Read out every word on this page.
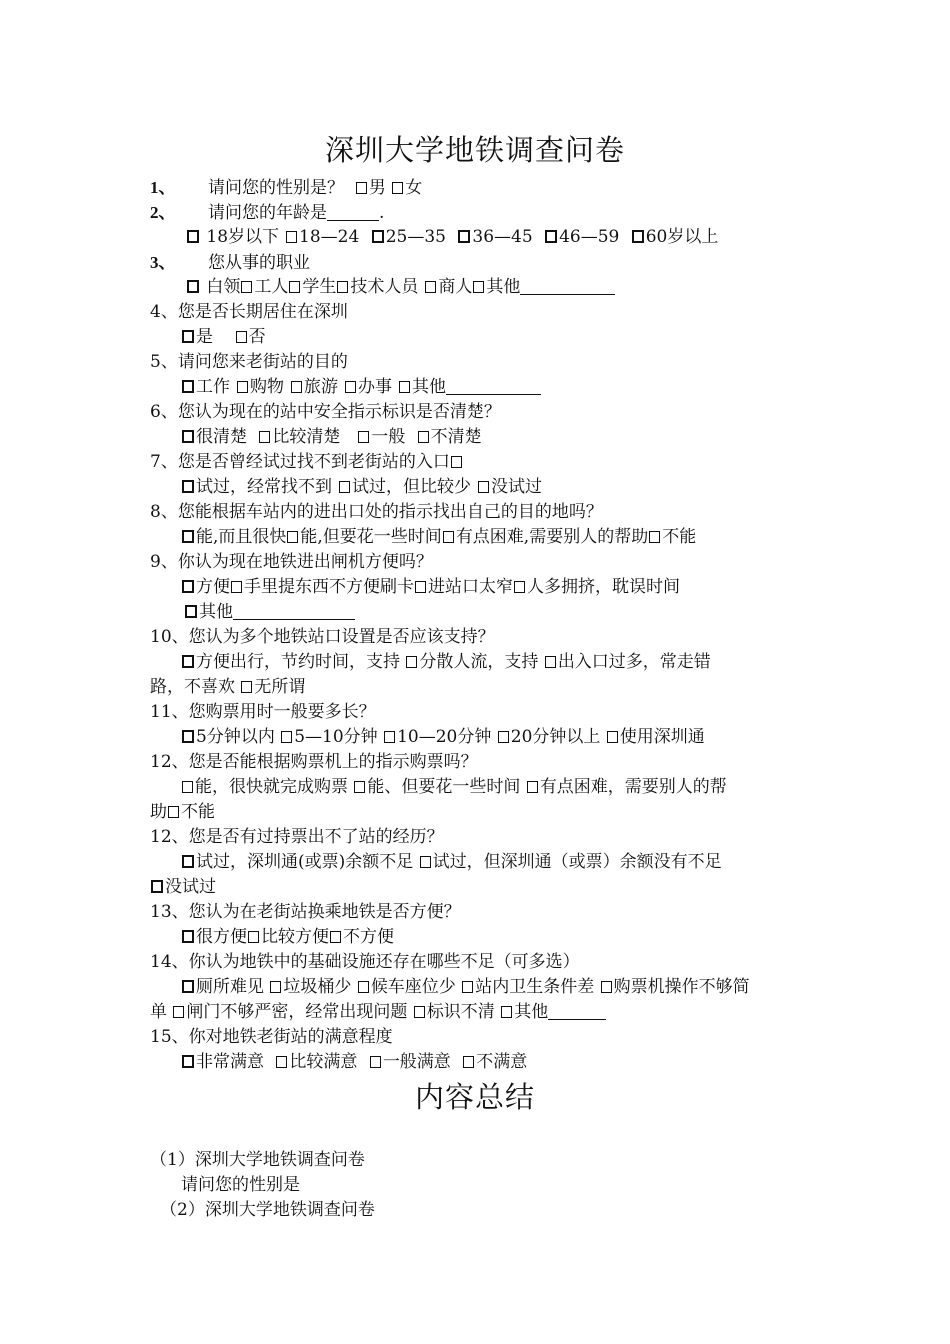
深圳大学地铁调查问卷
1、 请问您的性别是？ 男 女
2、 请问您的年龄是	.
18岁以下 18—24 25—35 36—45 46—59 60岁以上
3、 您从事的职业
白领 工人 学生 技术人员 商人 其他
4、您是否长期居住在深圳
是 否
5、请问您来老街站的目的
工作 购物 旅游 办事 其他
6、您认为现在的站中安全指示标识是否清楚？
很清楚 比较清楚 一般 不清楚
7、您是否曾经试过找不到老街站的入口
试过，经常找不到 试过，但比较少 没试过
8、您能根据车站内的进出口处的指示找出自己的目的地吗？
能,而且很快 能,但要花一些时间 有点困难,需要别人的帮助 不能
9、你认为现在地铁进出闸机方便吗？
方便 手里提东西不方便刷卡 进站口太窄 人多拥挤，耽误时间
其他
10、您认为多个地铁站口设置是否应该支持？
方便出行，节约时间，支持 分散人流，支持 出入口过多，常走错
路，不喜欢 无所谓
11、您购票用时一般要多长？
5分钟以内 5—10分钟 10—20分钟 20分钟以上 使用深圳通
12、您是否能根据购票机上的指示购票吗？
能，很快就完成购票 能、但要花一些时间 有点困难，需要别人的帮
助 不能
12、您是否有过持票出不了站的经历？
试过，深圳通(或票)余额不足 试过，但深圳通（或票）余额没有不足
没试过
13、您认为在老街站换乘地铁是否方便？
很方便 比较方便 不方便
14、你认为地铁中的基础设施还存在哪些不足（可多选）
厕所难见 垃圾桶少 候车座位少 站内卫生条件差 购票机操作不够简
单 闸门不够严密，经常出现问题 标识不清 其他
15、你对地铁老街站的满意程度
非常满意 比较满意 一般满意 不满意
内容总结
（1）深圳大学地铁调查问卷
请问您的性别是
（2）深圳大学地铁调查问卷
